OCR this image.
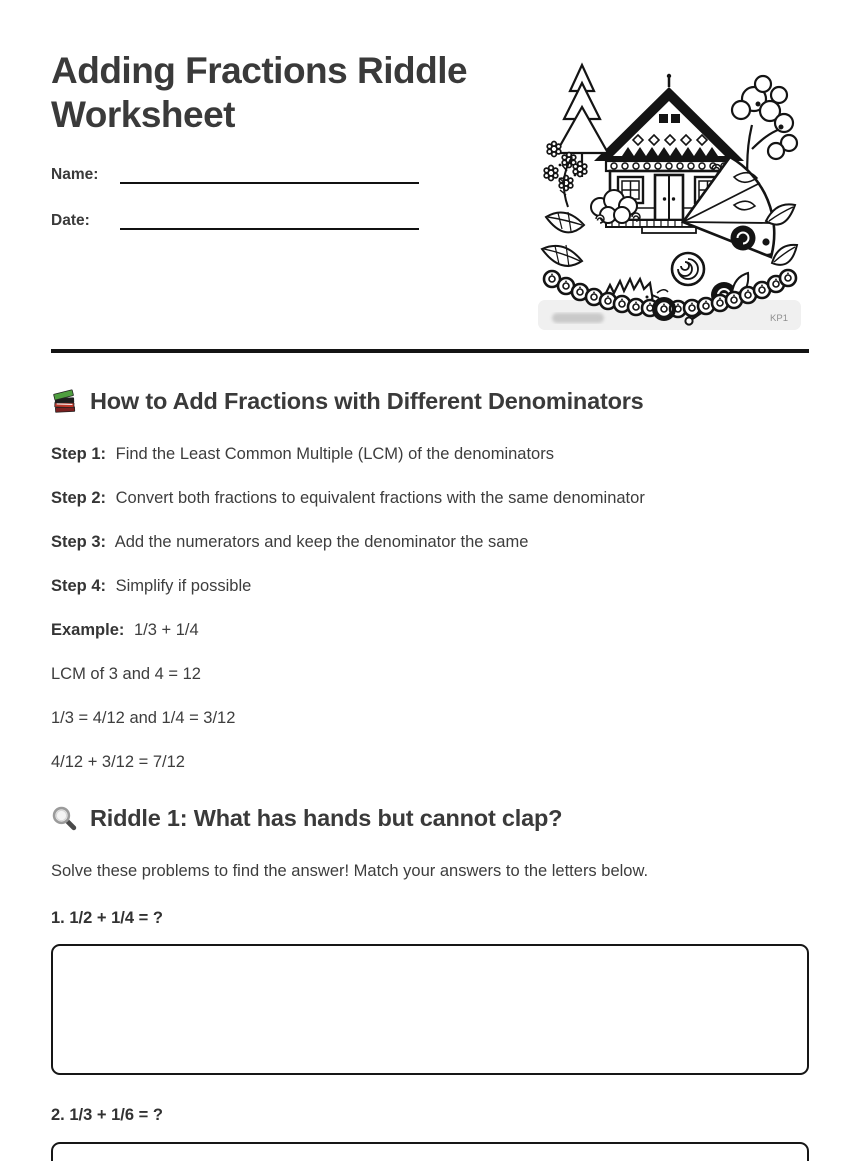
Adding Fractions Riddle Worksheet
Name:
Date:
KP1
How to Add Fractions with Different Denominators

Step 1: Find the Least Common Multiple (LCM) of the denominators

Step 2: Convert both fractions to equivalent fractions with the same denominator

Step 3: Add the numerators and keep the denominator the same

Step 4: Simplify if possible

Example: 1/3 + 1/4

LCM of 3 and 4 = 12

1/3 = 4/12 and 1/4 = 3/12

4/12 + 3/12 = 7/12

Riddle 1: What has hands but cannot clap?

Solve these problems to find the answer! Match your answers to the letters below.

1. 1/2 + 1/4 = ?

2. 1/3 + 1/6 = ?
